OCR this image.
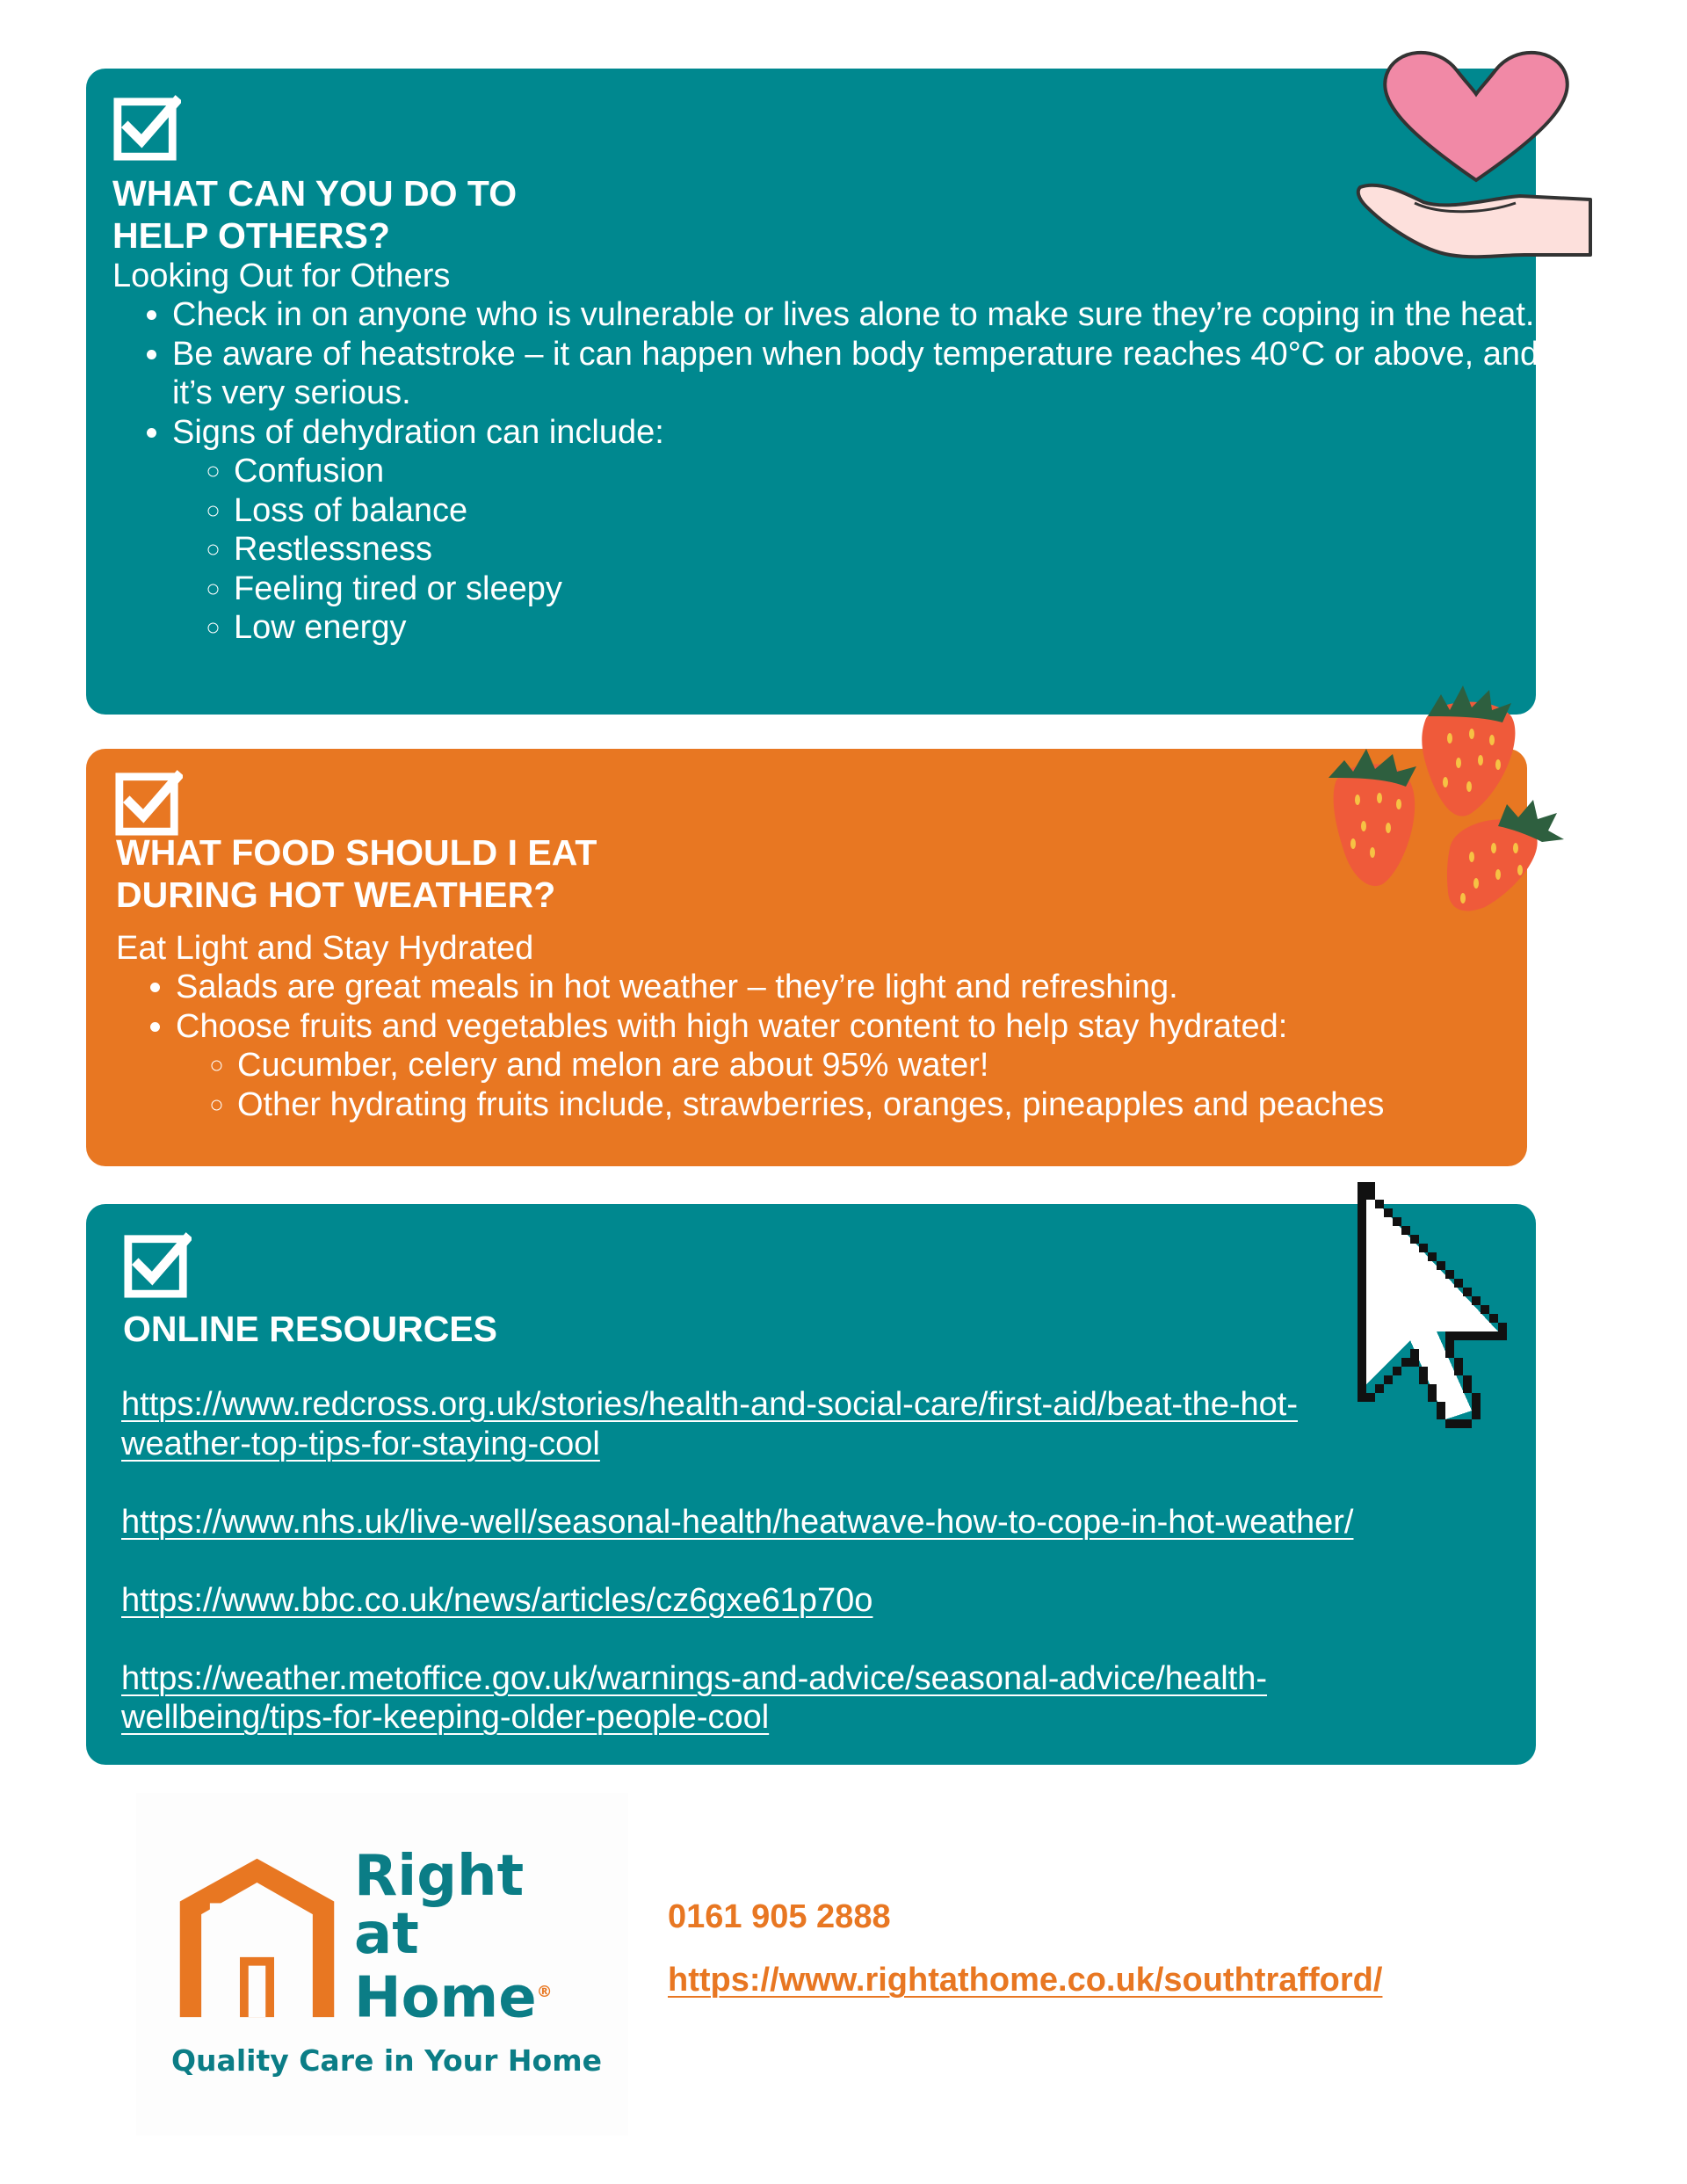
WHAT CAN YOU DO TO
HELP OTHERS?

Looking Out for Others

• Check in on anyone who is vulnerable or lives alone to make sure they’re coping in the heat.
• Be aware of heatstroke – it can happen when body temperature reaches 40°C or above, and it’s very serious.
• Signs of dehydration can include:
◦ Confusion
◦ Loss of balance
◦ Restlessness
◦ Feeling tired or sleepy
◦ Low energy
WHAT FOOD SHOULD I EAT
DURING HOT WEATHER?

Eat Light and Stay Hydrated

• Salads are great meals in hot weather – they’re light and refreshing.
• Choose fruits and vegetables with high water content to help stay hydrated:
◦ Cucumber, celery and melon are about 95% water!
◦ Other hydrating fruits include, strawberries, oranges, pineapples and peaches
ONLINE RESOURCES
https://www.redcross.org.uk/stories/health-and-social-care/first-aid/beat-the-hot-
weather-top-tips-for-staying-cool
https://www.nhs.uk/live-well/seasonal-health/heatwave-how-to-cope-in-hot-weather/
https://www.bbc.co.uk/news/articles/cz6gxe61p70o
https://weather.metoffice.gov.uk/warnings-and-advice/seasonal-advice/health-
wellbeing/tips-for-keeping-older-people-cool
Right
at
Home®
Quality Care in Your Home
0161 905 2888
https://www.rightathome.co.uk/southtrafford/
